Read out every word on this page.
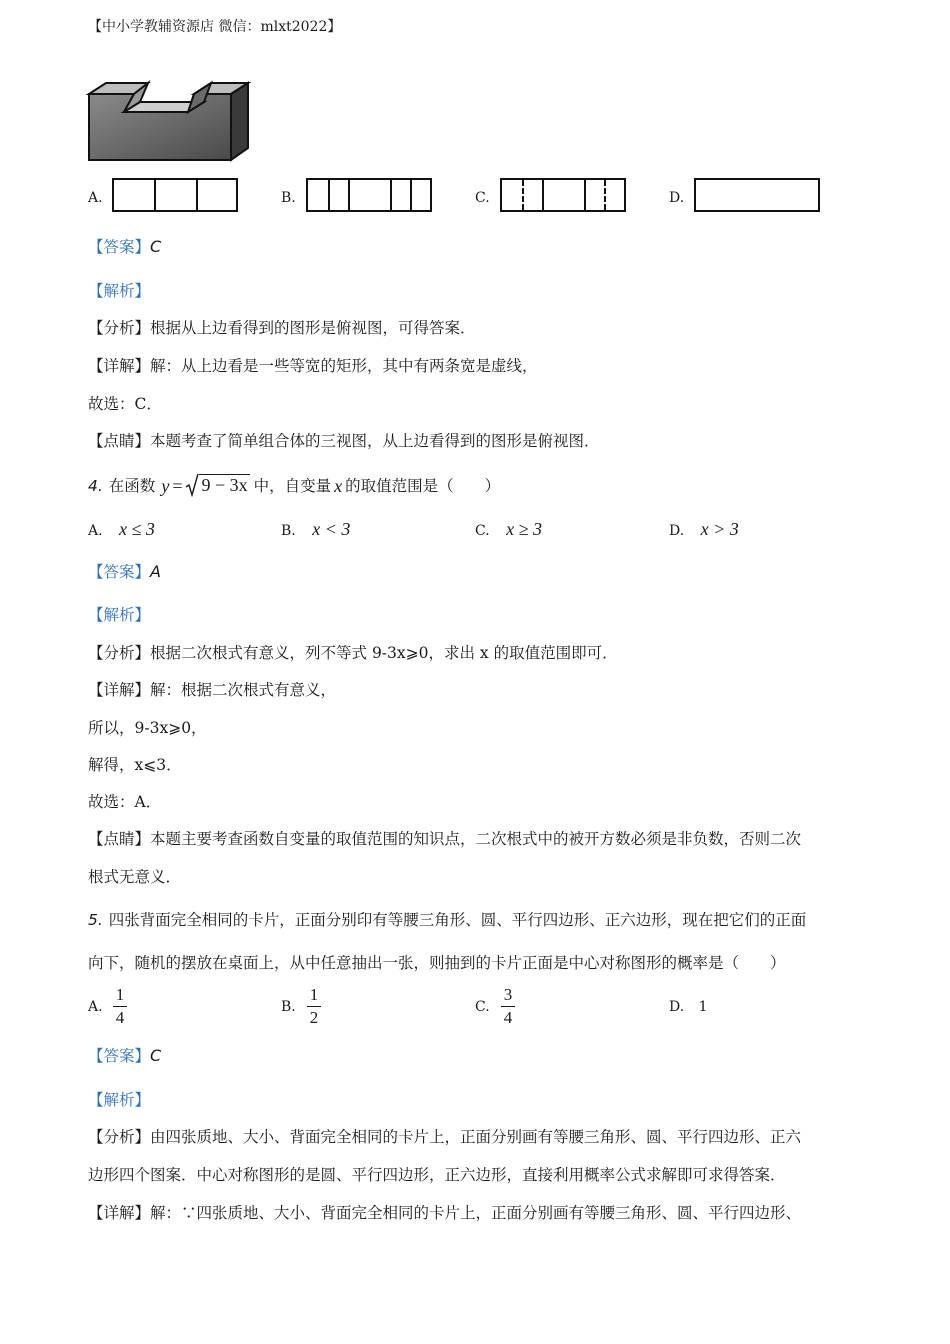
【中小学教辅资源店 微信：mlxt2022】
A.	B.	C.	D.
【答案】C
【解析】
【分析】根据从上边看得到的图形是俯视图，可得答案．
【详解】解：从上边看是一些等宽的矩形，其中有两条宽是虚线，
故选：C．
【点睛】本题考查了简单组合体的三视图，从上边看得到的图形是俯视图．
4. 在函数 y = 9 − 3x 中，自变量 x 的取值范围是（　　）
A. x ≤ 3	B. x < 3	C. x ≥ 3	D. x > 3
【答案】A
【解析】
【分析】根据二次根式有意义，列不等式 9-3x⩾0，求出 x 的取值范围即可．
【详解】解：根据二次根式有意义，
所以，9-3x⩾0，
解得，x⩽3．
故选：A．
【点睛】本题主要考查函数自变量的取值范围的知识点，二次根式中的被开方数必须是非负数，否则二次
根式无意义．
5. 四张背面完全相同的卡片，正面分别印有等腰三角形、圆、平行四边形、正六边形，现在把它们的正面
向下，随机的摆放在桌面上，从中任意抽出一张，则抽到的卡片正面是中心对称图形的概率是（　　）
A.
1
4
B.
1
2
C.
3
4
D. 1
【答案】C
【解析】
【分析】由四张质地、大小、背面完全相同的卡片上，正面分别画有等腰三角形、圆、平行四边形、正六
边形四个图案．中心对称图形的是圆、平行四边形，正六边形，直接利用概率公式求解即可求得答案．
【详解】解：∵四张质地、大小、背面完全相同的卡片上，正面分别画有等腰三角形、圆、平行四边形、
